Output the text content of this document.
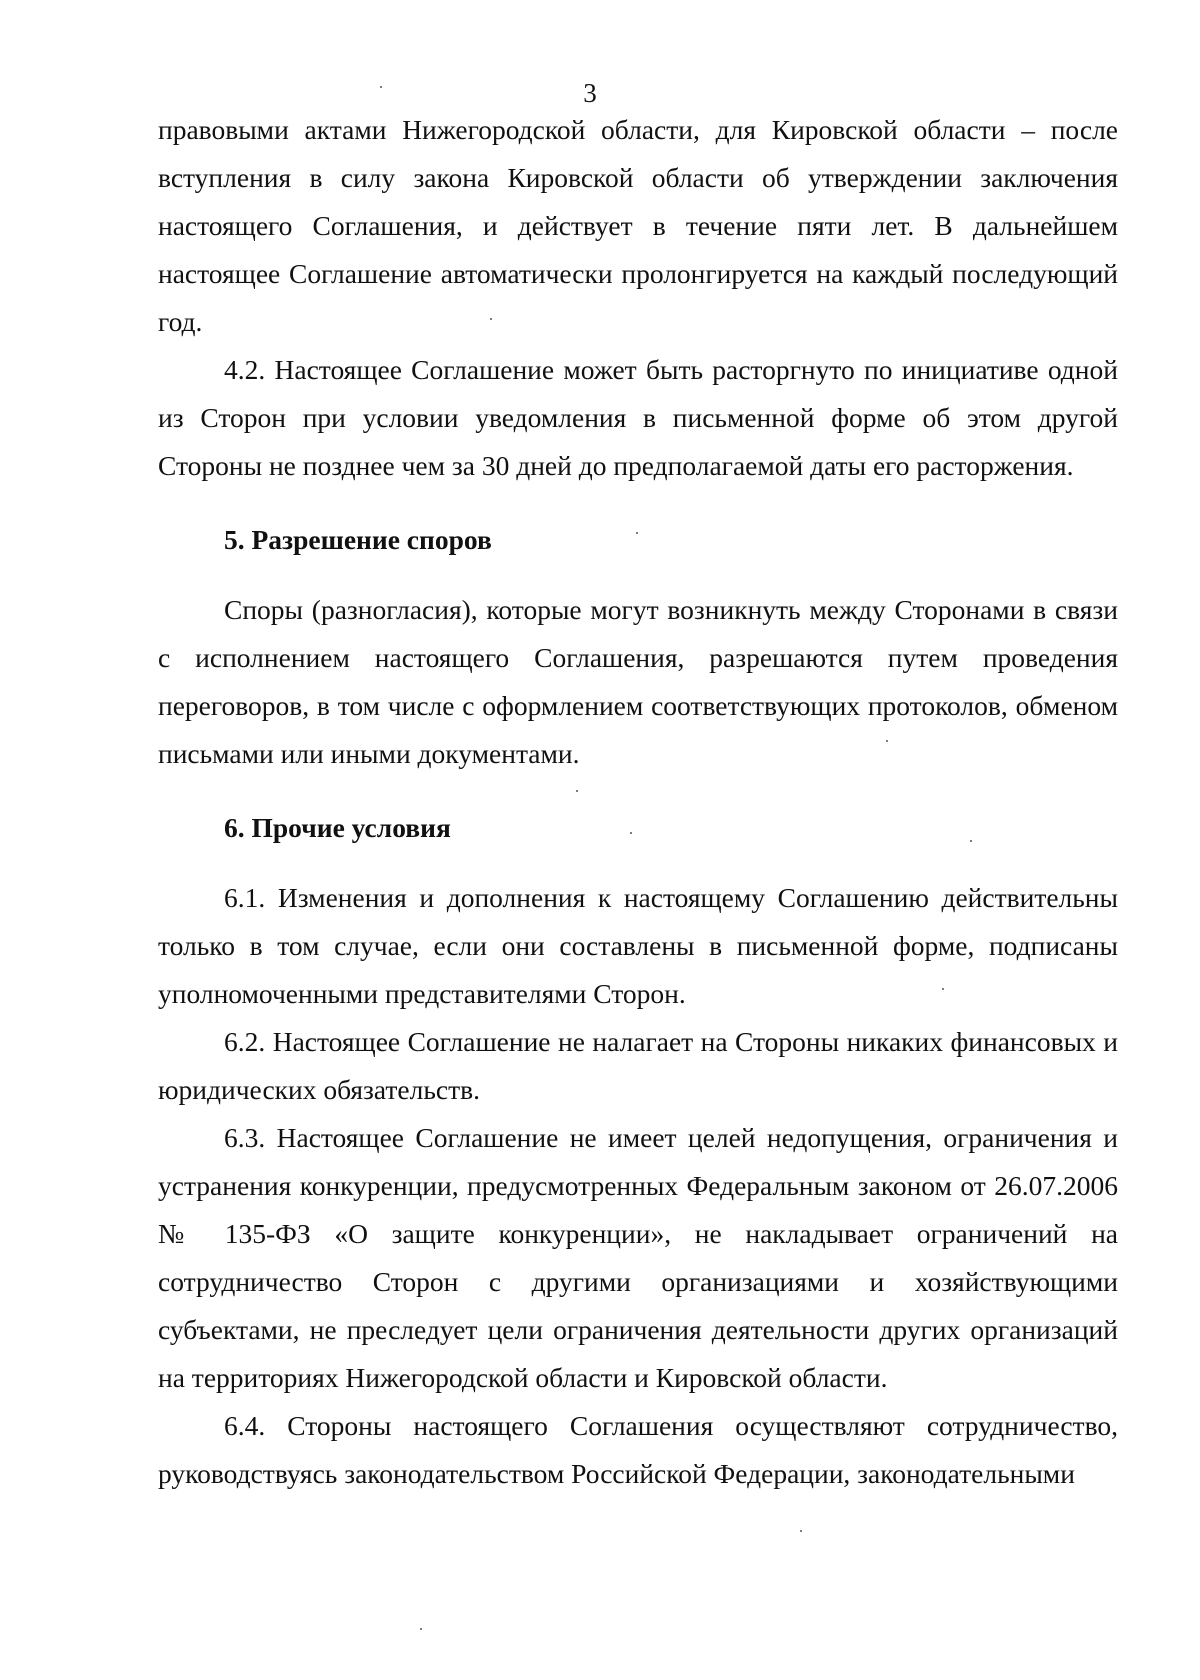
3

правовыми актами Нижегородской области, для Кировской области – после вступления в силу закона Кировской области об утверждении заключения настоящего Соглашения, и действует в течение пяти лет. В дальнейшем настоящее Соглашение автоматически пролонгируется на каждый последующий год.

4.2. Настоящее Соглашение может быть расторгнуто по инициативе одной из Сторон при условии уведомления в письменной форме об этом другой Стороны не позднее чем за 30 дней до предполагаемой даты его расторжения.

5. Разрешение споров

Споры (разногласия), которые могут возникнуть между Сторонами в связи с исполнением настоящего Соглашения, разрешаются путем проведения переговоров, в том числе с оформлением соответствующих протоколов, обменом письмами или иными документами.

6. Прочие условия

6.1. Изменения и дополнения к настоящему Соглашению действительны только в том случае, если они составлены в письменной форме, подписаны уполномоченными представителями Сторон.

6.2. Настоящее Соглашение не налагает на Стороны никаких финансовых и юридических обязательств.

6.3. Настоящее Соглашение не имеет целей недопущения, ограничения и устранения конкуренции, предусмотренных Федеральным законом от 26.07.2006 № 135-ФЗ «О защите конкуренции», не накладывает ограничений на сотрудничество Сторон с другими организациями и хозяйствующими субъектами, не преследует цели ограничения деятельности других организаций на территориях Нижегородской области и Кировской области.

6.4. Стороны настоящего Соглашения осуществляют сотрудничество, руководствуясь законодательством Российской Федерации, законодательными
